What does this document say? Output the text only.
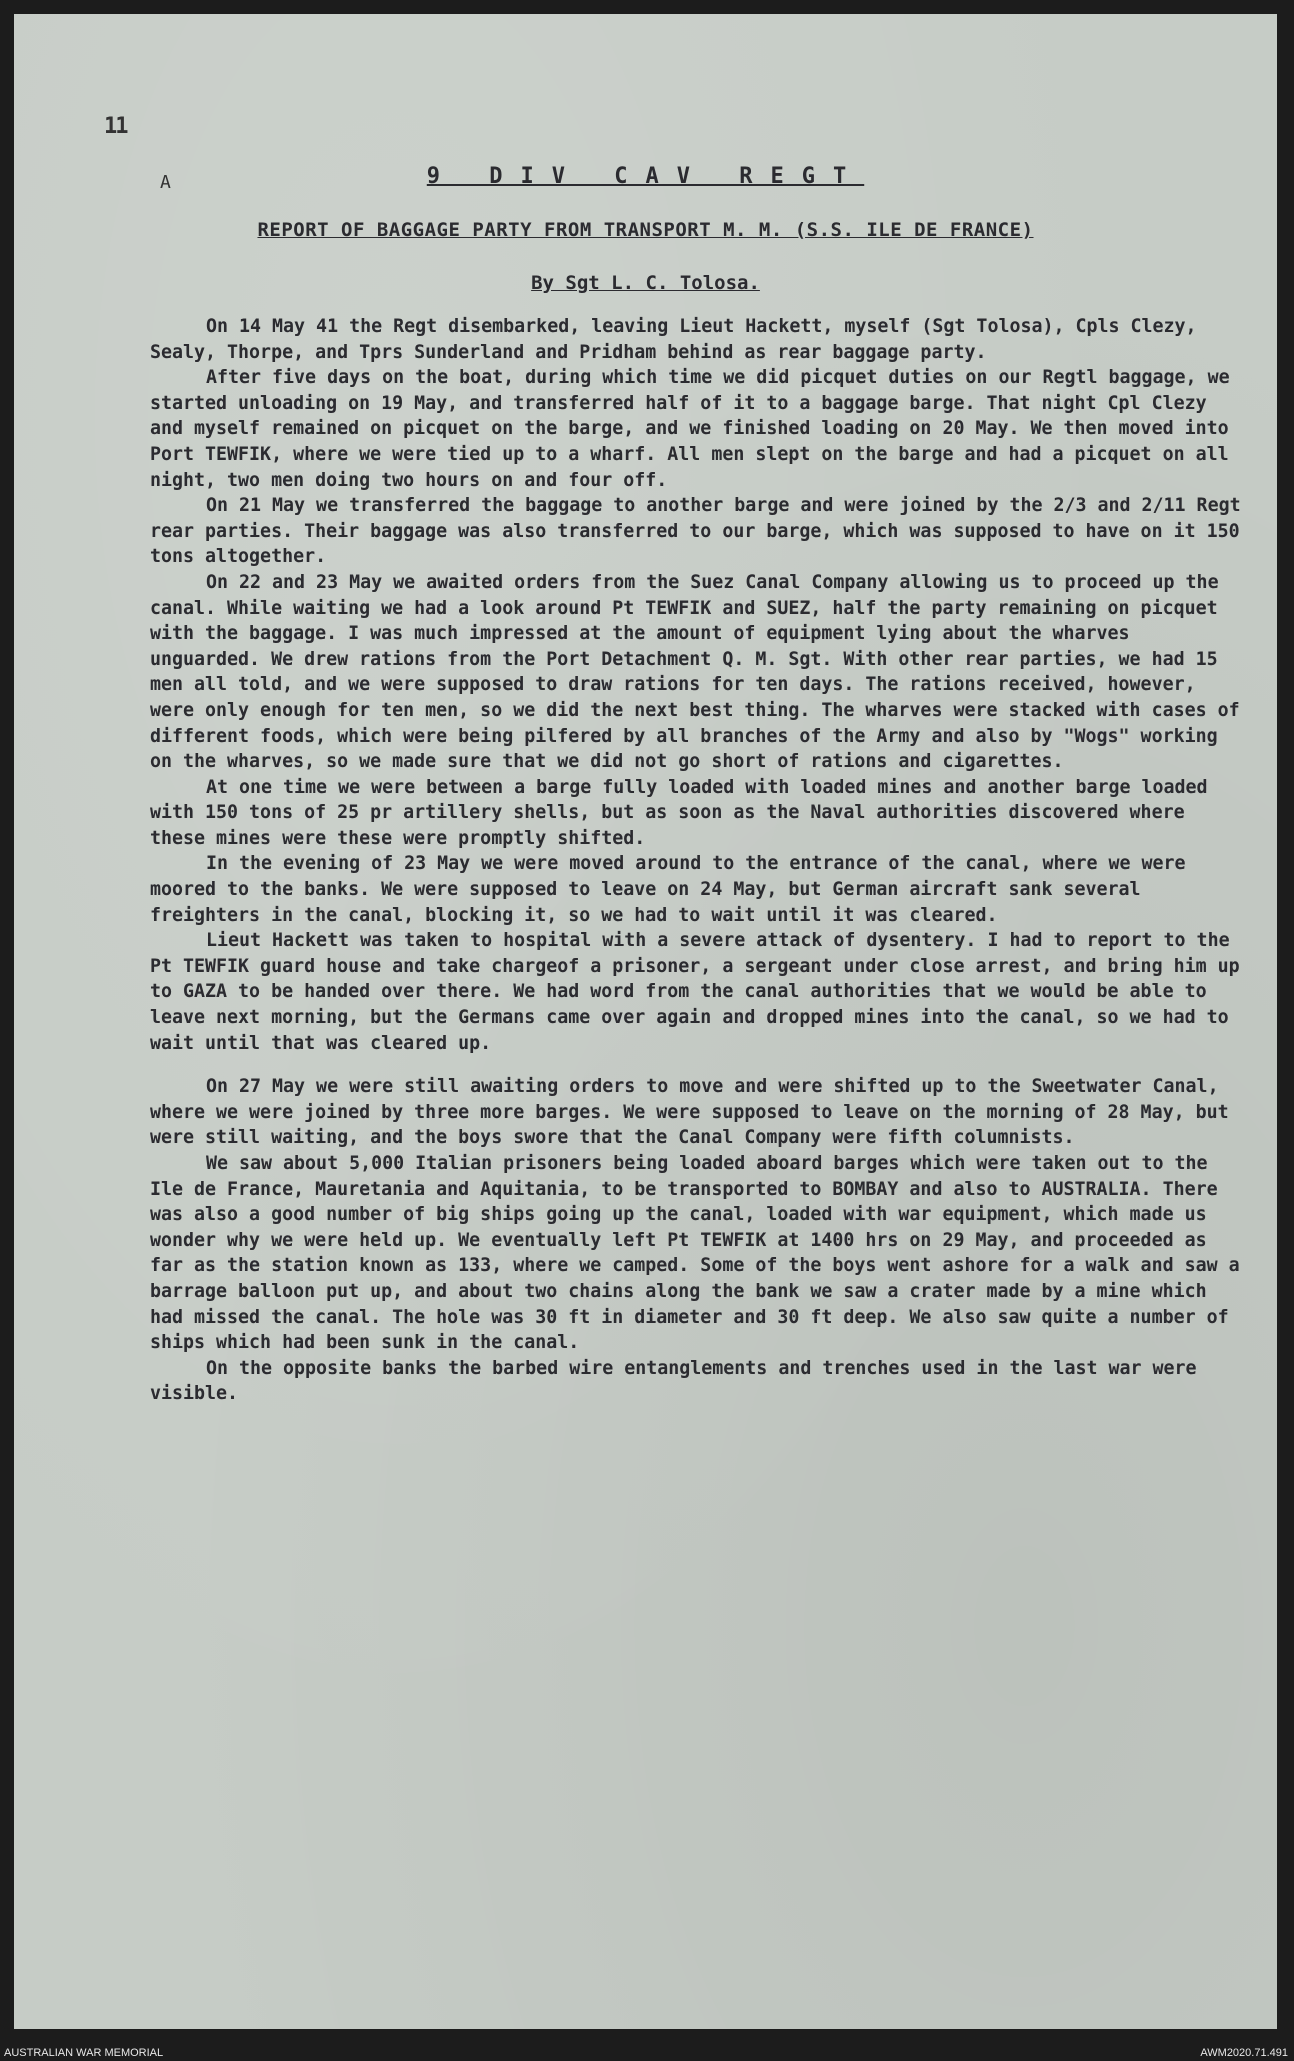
11
A	9 DIV CAV REGT
REPORT OF BAGGAGE PARTY FROM TRANSPORT M. M. (S.S. ILE DE FRANCE)
By Sgt L. C. Tolosa.

On 14 May 41 the Regt disembarked, leaving Lieut Hackett, myself (Sgt Tolosa), Cpls Clezy, Sealy, Thorpe, and Tprs Sunderland and Pridham behind as rear baggage party.

After five days on the boat, during which time we did picquet duties on our Regtl baggage, we started unloading on 19 May, and transferred half of it to a baggage barge. That night Cpl Clezy and myself remained on picquet on the barge, and we finished loading on 20 May. We then moved into Port TEWFIK, where we were tied up to a wharf. All men slept on the barge and had a picquet on all night, two men doing two hours on and four off.

On 21 May we transferred the baggage to another barge and were joined by the 2/3 and 2/11 Regt rear parties. Their baggage was also transferred to our barge, which was supposed to have on it 150 tons altogether.

On 22 and 23 May we awaited orders from the Suez Canal Company allowing us to proceed up the canal. While waiting we had a look around Pt TEWFIK and SUEZ, half the party remaining on picquet with the baggage. I was much impressed at the amount of equipment lying about the wharves unguarded. We drew rations from the Port Detachment Q. M. Sgt. With other rear parties, we had 15 men all told, and we were supposed to draw rations for ten days. The rations received, however, were only enough for ten men, so we did the next best thing. The wharves were stacked with cases of different foods, which were being pilfered by all branches of the Army and also by "Wogs" working on the wharves, so we made sure that we did not go short of rations and cigarettes.

At one time we were between a barge fully loaded with loaded mines and another barge loaded with 150 tons of 25 pr artillery shells, but as soon as the Naval authorities discovered where these mines were these were promptly shifted.

In the evening of 23 May we were moved around to the entrance of the canal, where we were moored to the banks. We were supposed to leave on 24 May, but German aircraft sank several freighters in the canal, blocking it, so we had to wait until it was cleared.

Lieut Hackett was taken to hospital with a severe attack of dysentery. I had to report to the Pt TEWFIK guard house and take chargeof a prisoner, a sergeant under close arrest, and bring him up to GAZA to be handed over there. We had word from the canal authorities that we would be able to leave next morning, but the Germans came over again and dropped mines into the canal, so we had to wait until that was cleared up.

On 27 May we were still awaiting orders to move and were shifted up to the Sweetwater Canal, where we were joined by three more barges. We were supposed to leave on the morning of 28 May, but were still waiting, and the boys swore that the Canal Company were fifth columnists.

We saw about 5,000 Italian prisoners being loaded aboard barges which were taken out to the Ile de France, Mauretania and Aquitania, to be transported to BOMBAY and also to AUSTRALIA. There was also a good number of big ships going up the canal, loaded with war equipment, which made us wonder why we were held up. We eventually left Pt TEWFIK at 1400 hrs on 29 May, and proceeded as far as the station known as 133, where we camped. Some of the boys went ashore for a walk and saw a barrage balloon put up, and about two chains along the bank we saw a crater made by a mine which had missed the canal. The hole was 30 ft in diameter and 30 ft deep. We also saw quite a number of ships which had been sunk in the canal.

On the opposite banks the barbed wire entanglements and trenches used in the last war were visible.

AUSTRALIAN WAR MEMORIAL	AWM2020.71.491
